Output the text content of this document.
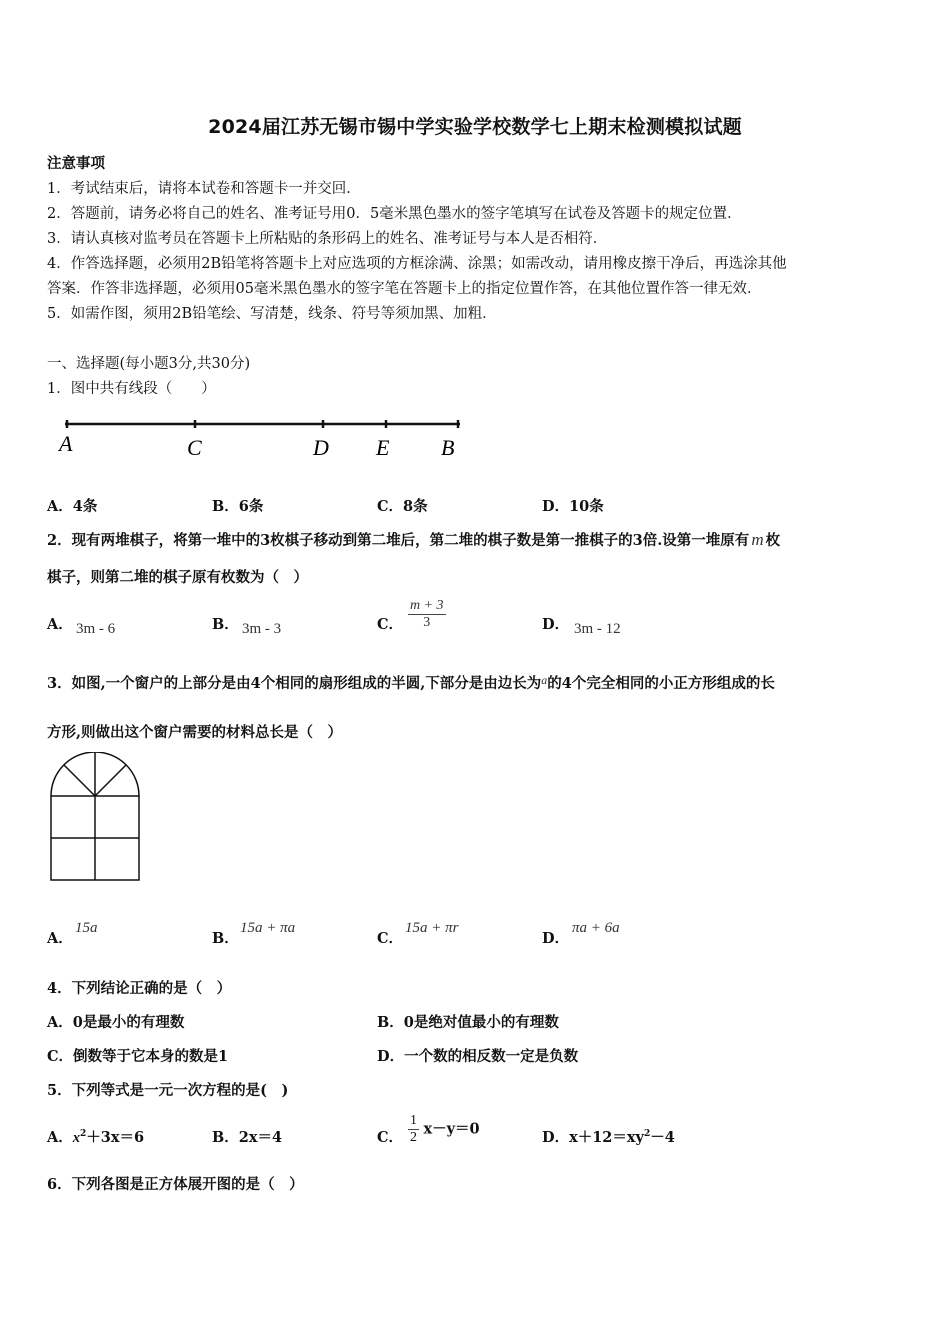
2024届江苏无锡市锡中学实验学校数学七上期末检测模拟试题
注意事项
1．考试结束后，请将本试卷和答题卡一并交回．
2．答题前，请务必将自己的姓名、准考证号用0．5毫米黑色墨水的签字笔填写在试卷及答题卡的规定位置．
3．请认真核对监考员在答题卡上所粘贴的条形码上的姓名、准考证号与本人是否相符．
4．作答选择题，必须用2B铅笔将答题卡上对应选项的方框涂满、涂黑；如需改动，请用橡皮擦干净后，再选涂其他
答案．作答非选择题，必须用05毫米黑色墨水的签字笔在答题卡上的指定位置作答，在其他位置作答一律无效．
5．如需作图，须用2B铅笔绘、写清楚，线条、符号等须加黑、加粗．
一、选择题(每小题3分,共30分)
1．图中共有线段（　　）
A	C	D E B
A．4条	B．6条	C．8条	D．10条
2．现有两堆棋子，将第一堆中的3枚棋子移动到第二堆后，第二堆的棋子数是第一推棋子的3倍.设第一堆原有 m 枚
棋子，则第二堆的棋子原有枚数为（　）
A． 3m - 6	B． 3m - 3	C． $\frac{m + 3}{3}$	D． 3m - 12
3．如图,一个窗户的上部分是由4个相同的扇形组成的半圆,下部分是由边长为$^a$的4个完全相同的小正方形组成的长
方形,则做出这个窗户需要的材料总长是（　）
A．
15a
B．
15a + πa
C．
15a + πr
D．
πa + 6a
4．下列结论正确的是（　）
A．0是最小的有理数	B．0是绝对值最小的有理数
C．倒数等于它本身的数是1	D．一个数的相反数一定是负数
5．下列等式是一元一次方程的是(　)
A．$x^2+3x=6$	B．2x＝4	C． $\frac{1}{2} x-y=0$	D．$x+12=xy^2-4$
6．下列各图是正方体展开图的是（　）
